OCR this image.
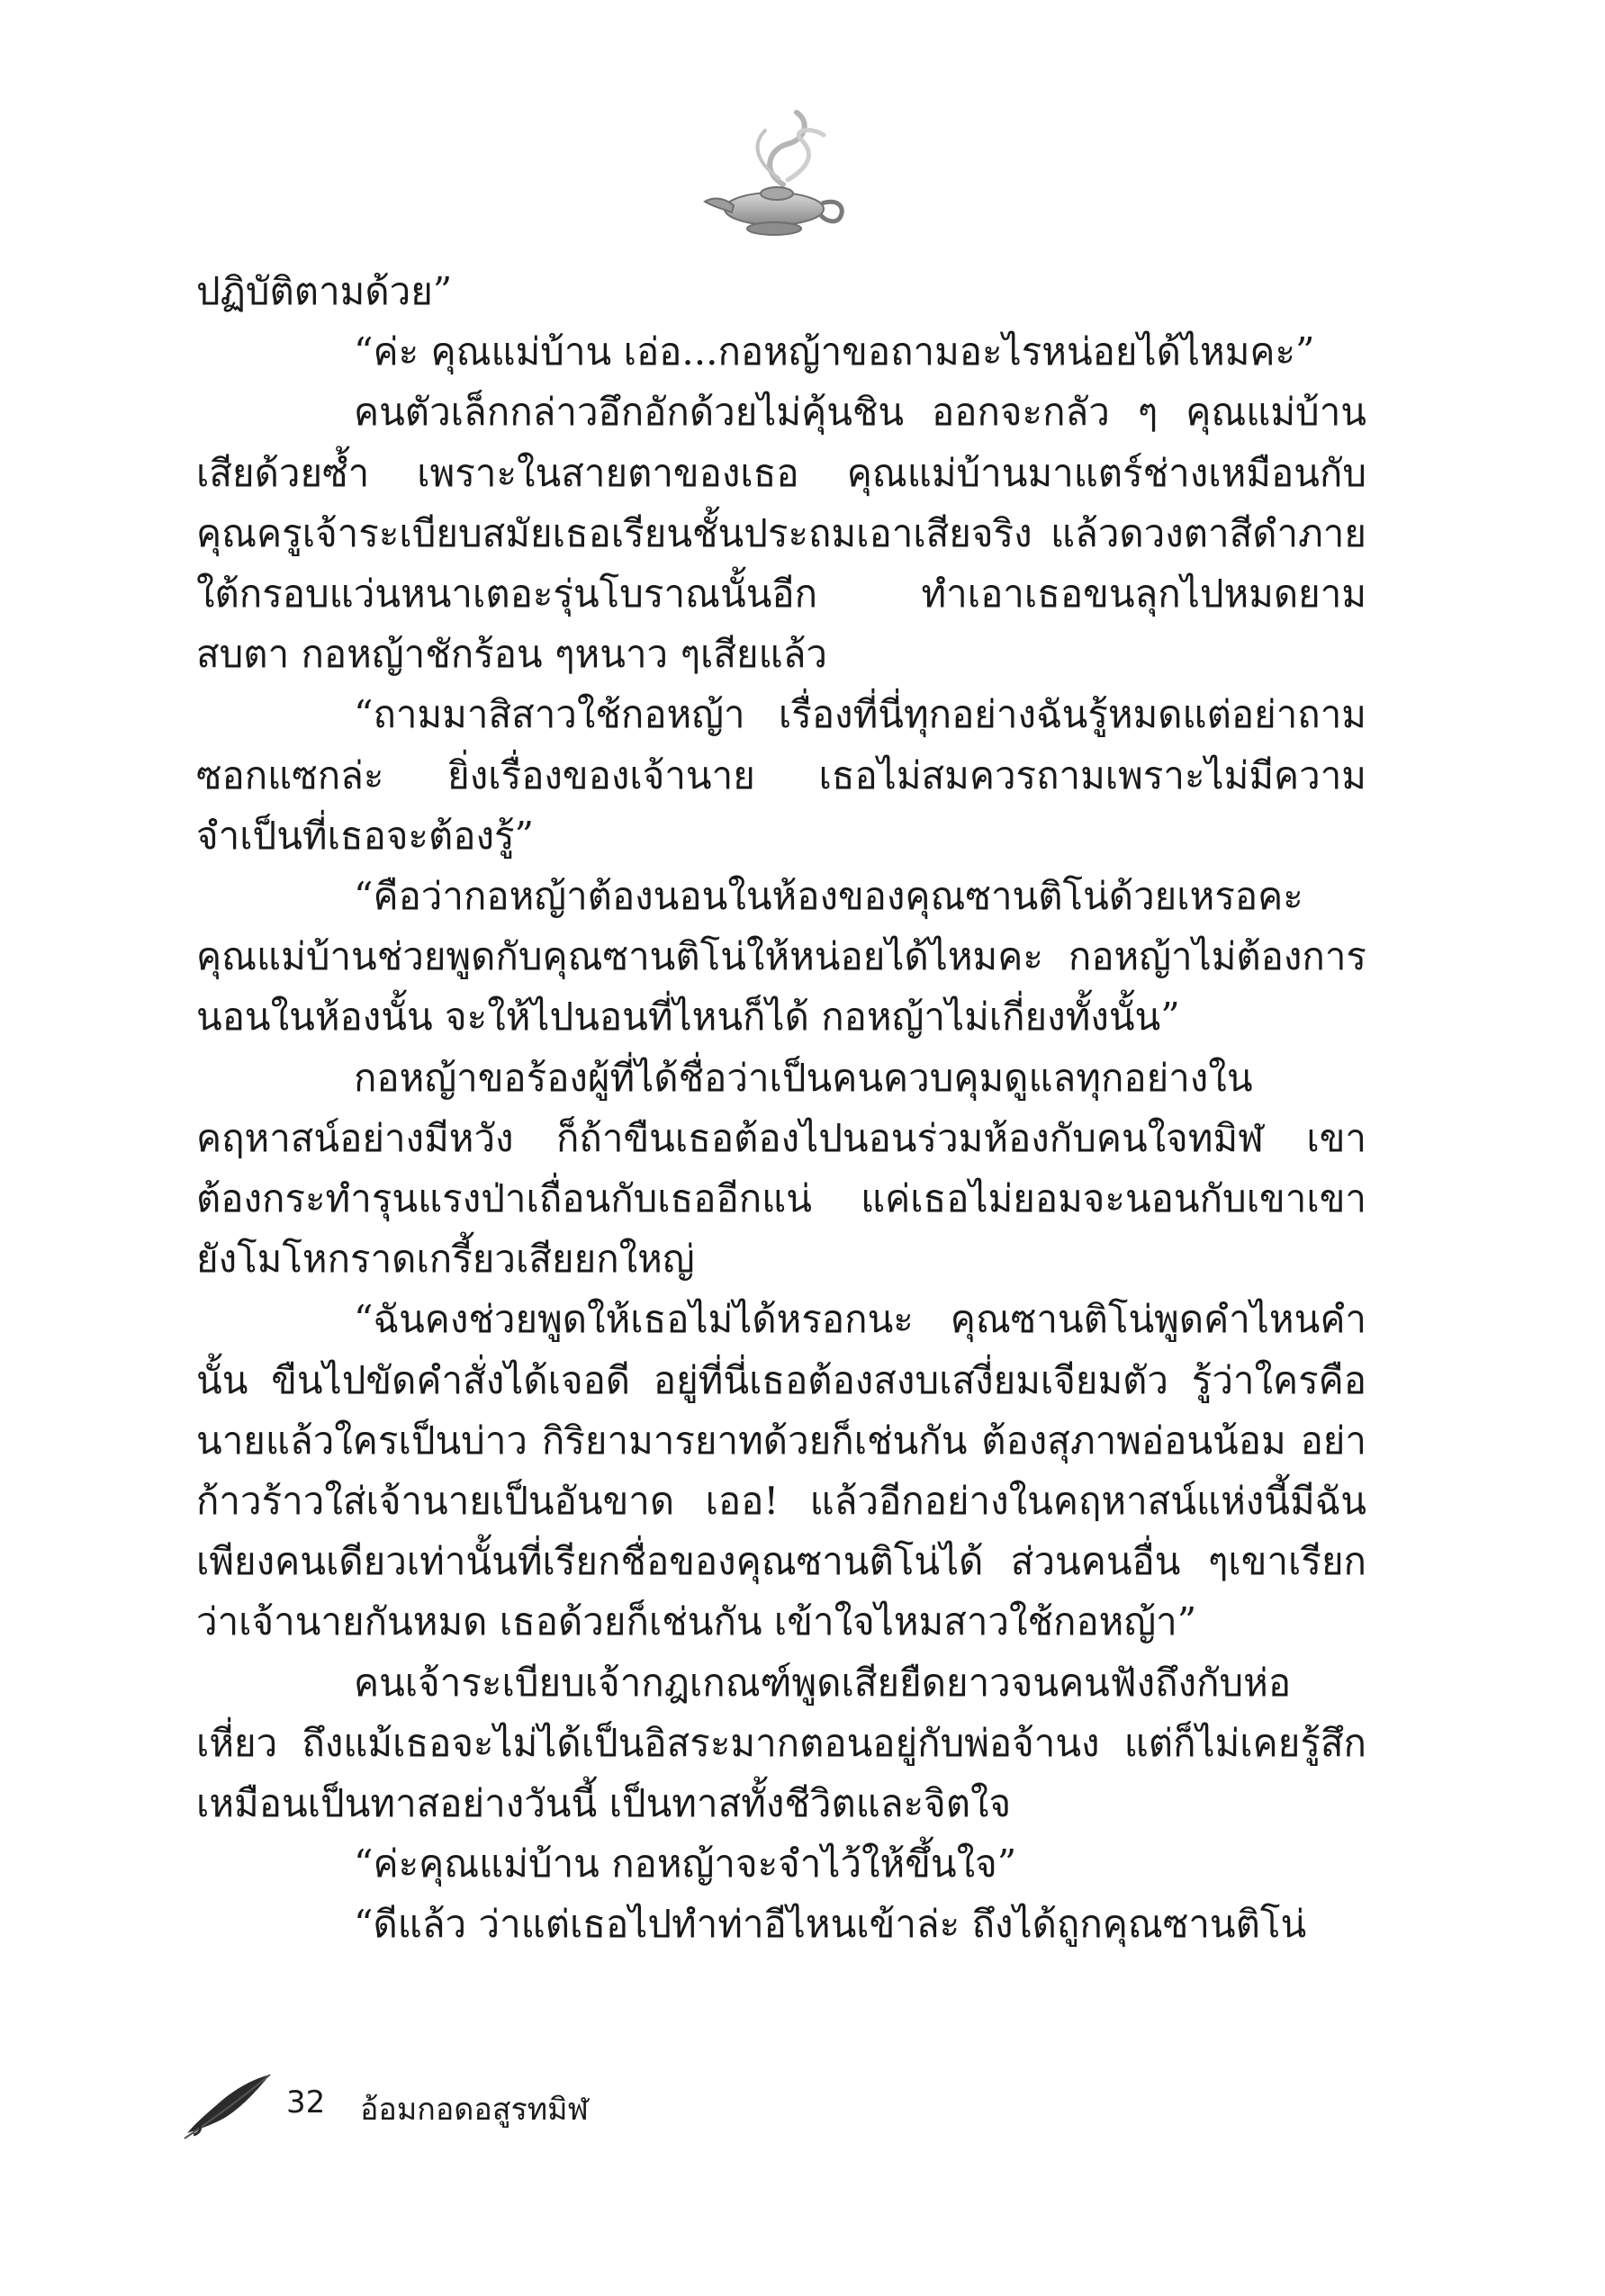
ปฏิบัติตามด้วย”

“ค่ะ คุณแม่บ้าน เอ่อ...กอหญ้าขอถามอะไรหน่อยได้ไหมคะ”

คนตัวเล็กกล่าวอึกอักด้วยไม่คุ้นชิน ออกจะกลัว ๆ คุณแม่บ้านเสียด้วยซ้ำ เพราะในสายตาของเธอ คุณแม่บ้านมาแตร์ช่างเหมือนกับคุณครูเจ้าระเบียบสมัยเธอเรียนชั้นประถมเอาเสียจริง แล้วดวงตาสีดำภายใต้กรอบแว่นหนาเตอะรุ่นโบราณนั้นอีก ทำเอาเธอขนลุกไปหมดยามสบตา กอหญ้าชักร้อน ๆหนาว ๆเสียแล้ว

“ถามมาสิสาวใช้กอหญ้า เรื่องที่นี่ทุกอย่างฉันรู้หมดแต่อย่าถามซอกแซกล่ะ ยิ่งเรื่องของเจ้านาย เธอไม่สมควรถามเพราะไม่มีความจำเป็นที่เธอจะต้องรู้”

“คือว่ากอหญ้าต้องนอนในห้องของคุณซานติโน่ด้วยเหรอคะ คุณแม่บ้านช่วยพูดกับคุณซานติโน่ให้หน่อยได้ไหมคะ กอหญ้าไม่ต้องการนอนในห้องนั้น จะให้ไปนอนที่ไหนก็ได้ กอหญ้าไม่เกี่ยงทั้งนั้น”

กอหญ้าขอร้องผู้ที่ได้ชื่อว่าเป็นคนควบคุมดูแลทุกอย่างในคฤหาสน์อย่างมีหวัง ก็ถ้าขืนเธอต้องไปนอนร่วมห้องกับคนใจทมิฬ เขาต้องกระทำรุนแรงป่าเถื่อนกับเธออีกแน่ แค่เธอไม่ยอมจะนอนกับเขาเขายังโมโหกราดเกรี้ยวเสียยกใหญ่

“ฉันคงช่วยพูดให้เธอไม่ได้หรอกนะ คุณซานติโน่พูดคำไหนคำนั้น ขืนไปขัดคำสั่งได้เจอดี อยู่ที่นี่เธอต้องสงบเสงี่ยมเจียมตัว รู้ว่าใครคือนายแล้วใครเป็นบ่าว กิริยามารยาทด้วยก็เช่นกัน ต้องสุภาพอ่อนน้อม อย่าก้าวร้าวใส่เจ้านายเป็นอันขาด เออ! แล้วอีกอย่างในคฤหาสน์แห่งนี้มีฉันเพียงคนเดียวเท่านั้นที่เรียกชื่อของคุณซานติโน่ได้ ส่วนคนอื่น ๆเขาเรียกว่าเจ้านายกันหมด เธอด้วยก็เช่นกัน เข้าใจไหมสาวใช้กอหญ้า”

คนเจ้าระเบียบเจ้ากฎเกณฑ์พูดเสียยืดยาวจนคนฟังถึงกับห่อเหี่ยว ถึงแม้เธอจะไม่ได้เป็นอิสระมากตอนอยู่กับพ่อจ้านง แต่ก็ไม่เคยรู้สึกเหมือนเป็นทาสอย่างวันนี้ เป็นทาสทั้งชีวิตและจิตใจ

“ค่ะคุณแม่บ้าน กอหญ้าจะจำไว้ให้ขึ้นใจ”

“ดีแล้ว ว่าแต่เธอไปทำท่าอีไหนเข้าล่ะ ถึงได้ถูกคุณซานติโน่

32 อ้อมกอดอสูรทมิฬ
